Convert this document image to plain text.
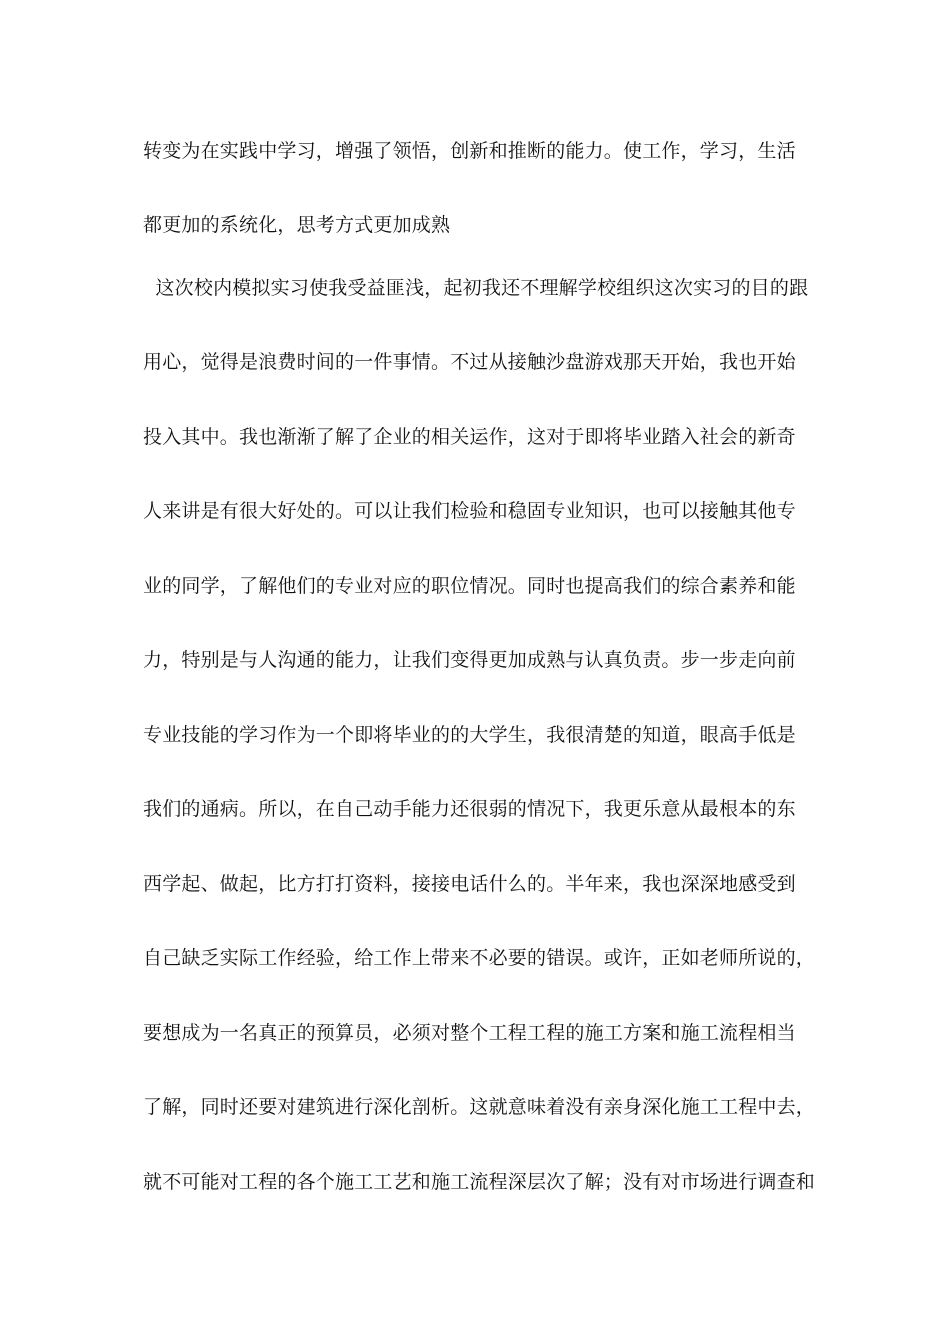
转变为在实践中学习，增强了领悟，创新和推断的能力。使工作，学习，生活
都更加的系统化，思考方式更加成熟
这次校内模拟实习使我受益匪浅，起初我还不理解学校组织这次实习的目的跟
用心，觉得是浪费时间的一件事情。不过从接触沙盘游戏那天开始，我也开始
投入其中。我也渐渐了解了企业的相关运作，这对于即将毕业踏入社会的新奇
人来讲是有很大好处的。可以让我们检验和稳固专业知识，也可以接触其他专
业的同学，了解他们的专业对应的职位情况。同时也提高我们的综合素养和能
力，特别是与人沟通的能力，让我们变得更加成熟与认真负责。步一步走向前
专业技能的学习作为一个即将毕业的的大学生，我很清楚的知道，眼高手低是
我们的通病。所以，在自己动手能力还很弱的情况下，我更乐意从最根本的东
西学起、做起，比方打打资料，接接电话什么的。半年来，我也深深地感受到
自己缺乏实际工作经验，给工作上带来不必要的错误。或许，正如老师所说的，
要想成为一名真正的预算员，必须对整个工程工程的施工方案和施工流程相当
了解，同时还要对建筑进行深化剖析。这就意味着没有亲身深化施工工程中去，
就不可能对工程的各个施工工艺和施工流程深层次了解；没有对市场进行调查和
